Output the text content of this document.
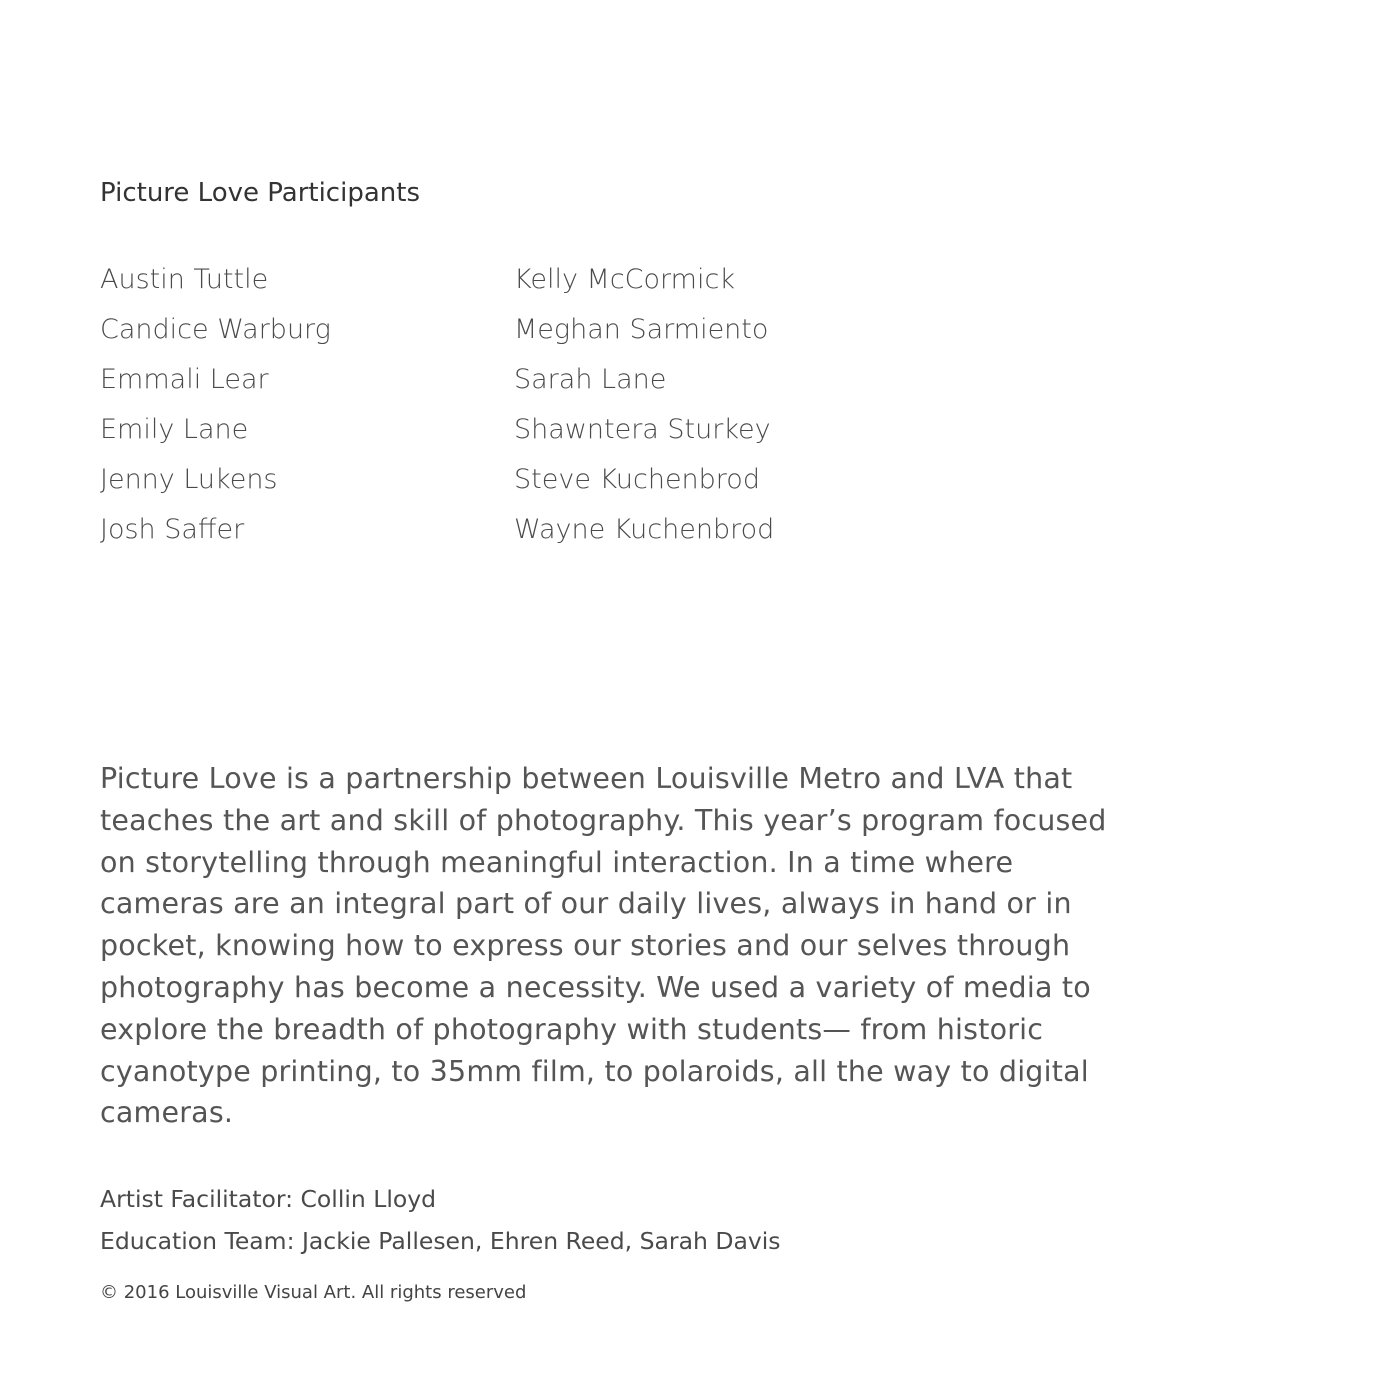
Picture Love Participants
Austin Tuttle
Candice Warburg
Emmali Lear
Emily Lane
Jenny Lukens
Josh Saffer
Kelly McCormick
Meghan Sarmiento
Sarah Lane
Shawntera Sturkey
Steve Kuchenbrod
Wayne Kuchenbrod

Picture Love is a partnership between Louisville Metro and LVA that teaches the art and skill of photography. This year’s program focused on storytelling through meaningful interaction. In a time where cameras are an integral part of our daily lives, always in hand or in pocket, knowing how to express our stories and our selves through photography has become a necessity. We used a variety of media to explore the breadth of photography with students— from historic cyanotype printing, to 35mm film, to polaroids, all the way to digital cameras.

Artist Facilitator: Collin Lloyd
Education Team: Jackie Pallesen, Ehren Reed, Sarah Davis
© 2016 Louisville Visual Art. All rights reserved
